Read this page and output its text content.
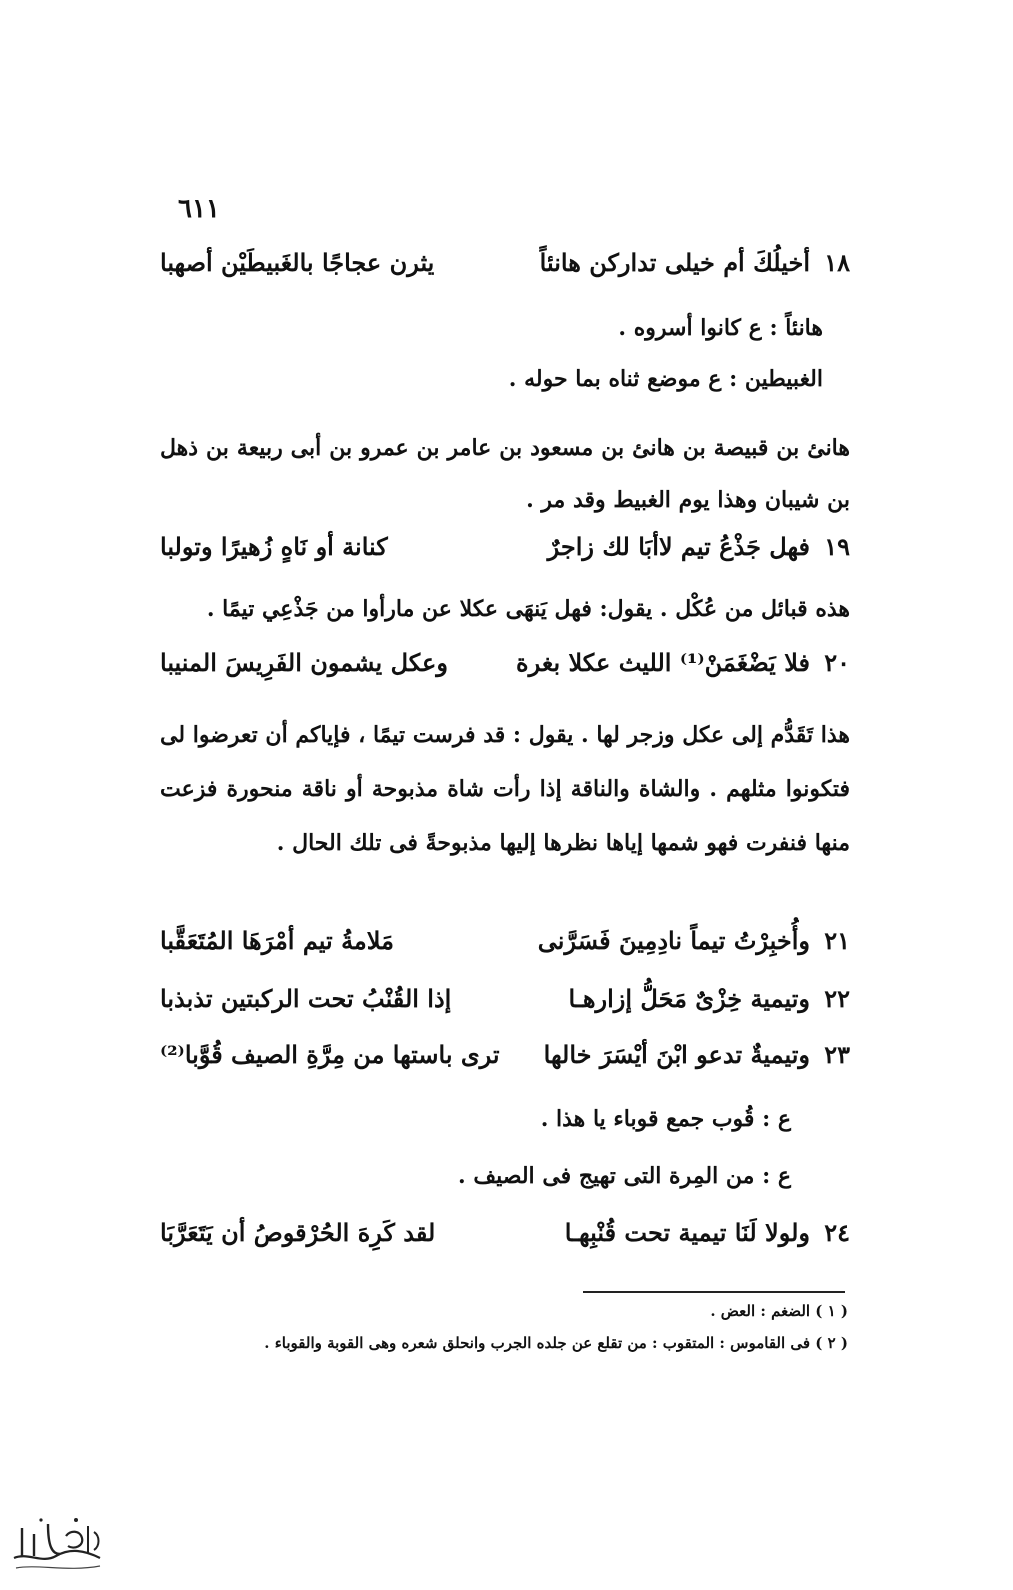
٦١١
١٨
أخيلُكَ أم خيلى تداركن هانئاً
يثرن عجاجًا بالغَبيطَيْن أصهبا
هانئاً : ع كانوا أسروه .
الغبيطين : ع موضع ثناه بما حوله .
هانئ بن قبيصة بن هانئ بن مسعود بن عامر بن عمرو بن أبى ربيعة بن ذهل بن شيبان وهذا يوم الغبيط وقد مر .
١٩
فهل جَذْعُ تيم لاأبَا لك زاجرٌ
كنانة أو نَاهٍ زُهيرًا وتولبا
هذه قبائل من عُكْل . يقول: فهل يَنهَى عكلا عن مارأوا من جَذْعِي تيمًا .
٢٠
فلا يَضْغَمَنْ⁽¹⁾ الليث عكلا بغرة
وعكل يشمون الفَرِيسَ المنيبا
هذا تَقَدُّم إلى عكل وزجر لها . يقول : قد فرست تيمًا ، فإياكم أن تعرضوا لى فتكونوا مثلهم . والشاة والناقة إذا رأت شاة مذبوحة أو ناقة منحورة فزعت منها فنفرت فهو شمها إياها نظرها إليها مذبوحةً فى تلك الحال .
٢١
وأُخبِرْتُ تيماً نادِمِينَ فَسَرَّنى
مَلامةُ تيم أمْرَهَا المُتَعَقَّبا
٢٢
وتيمية خِزْىٌ مَحَلُّ إزارهـا
إذا القُنْبُ تحت الركبتين تذبذبا
٢٣
وتيميةٌ تدعو ابْنَ أيْسَرَ خالها
ترى باستها من مِرَّةِ الصيف قُوَّبا⁽²⁾
ع : قُوب جمع قوباء يا هذا .
ع : من المِرة التى تهيج فى الصيف .
٢٤
ولولا لَنَا تيمية تحت قُنْبِهـا
لقد كَرِهَ الحُرْقوصُ أن يَتَعَرَّبَا
( ١ ) الضغم : العض .
( ٢ ) فى القاموس : المتقوب : من تقلع عن جلده الجرب وانحلق شعره وهى القوبة والقوباء .
